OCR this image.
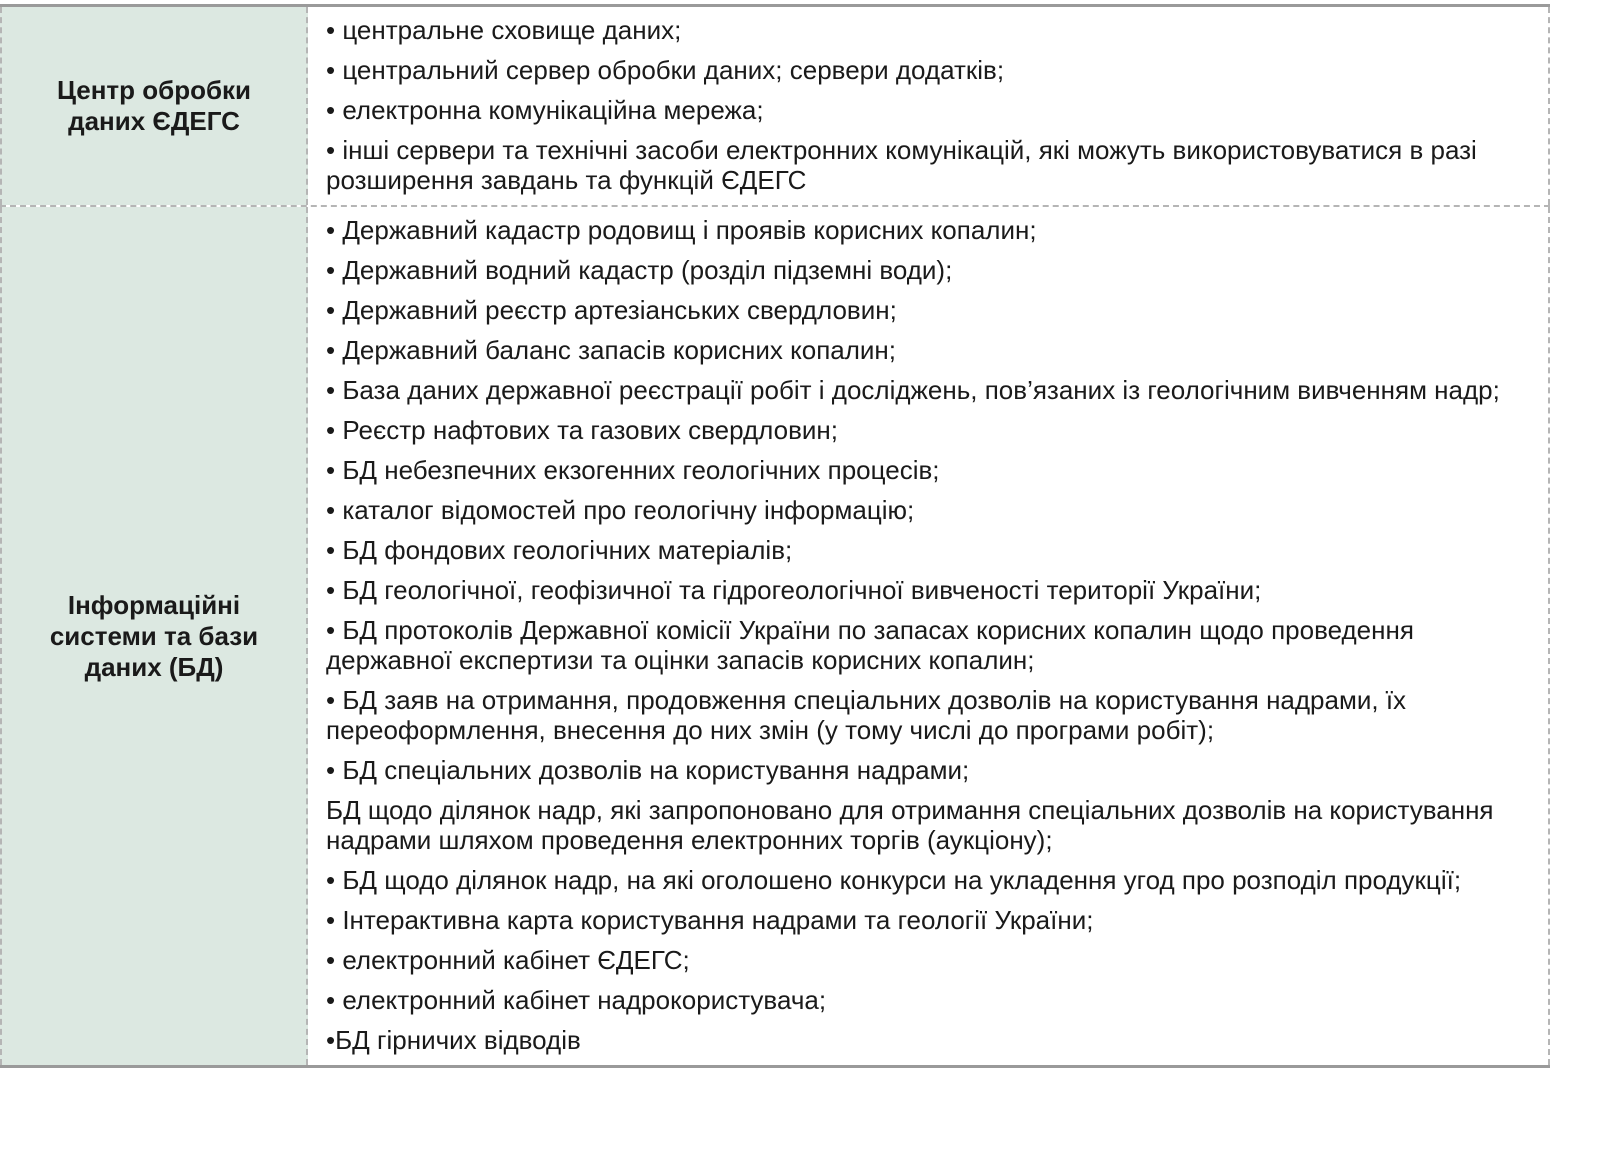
Центр обробки даних ЄДЕГС
• центральне сховище даних;
• центральний сервер обробки даних; сервери додатків;
• електронна комунікаційна мережа;
• інші сервери та технічні засоби електронних комунікацій, які можуть використовуватися в разі розширення завдань та функцій ЄДЕГС
Інформаційні системи та бази даних (БД)
• Державний кадастр родовищ і проявів корисних копалин;
• Державний водний кадастр (розділ підземні води);
• Державний реєстр артезіанських свердловин;
• Державний баланс запасів корисних копалин;
• База даних державної реєстрації робіт і досліджень, пов’язаних із геологічним вивченням надр;
• Реєстр нафтових та газових свердловин;
• БД небезпечних екзогенних геологічних процесів;
• каталог відомостей про геологічну інформацію;
• БД фондових геологічних матеріалів;
• БД геологічної, геофізичної та гідрогеологічної вивченості території України;
• БД протоколів Державної комісії України по запасах корисних копалин щодо проведення державної експертизи та оцінки запасів корисних копалин;
• БД заяв на отримання, продовження спеціальних дозволів на користування надрами, їх переоформлення, внесення до них змін (у тому числі до програми робіт);
• БД спеціальних дозволів на користування надрами;
БД щодо ділянок надр, які запропоновано для отримання спеціальних дозволів на користування надрами шляхом проведення електронних торгів (аукціону);
• БД щодо ділянок надр, на які оголошено конкурси на укладення угод про розподіл продукції;
• Інтерактивна карта користування надрами та геології України;
• електронний кабінет ЄДЕГС;
• електронний кабінет надрокористувача;
•БД гірничих відводів
